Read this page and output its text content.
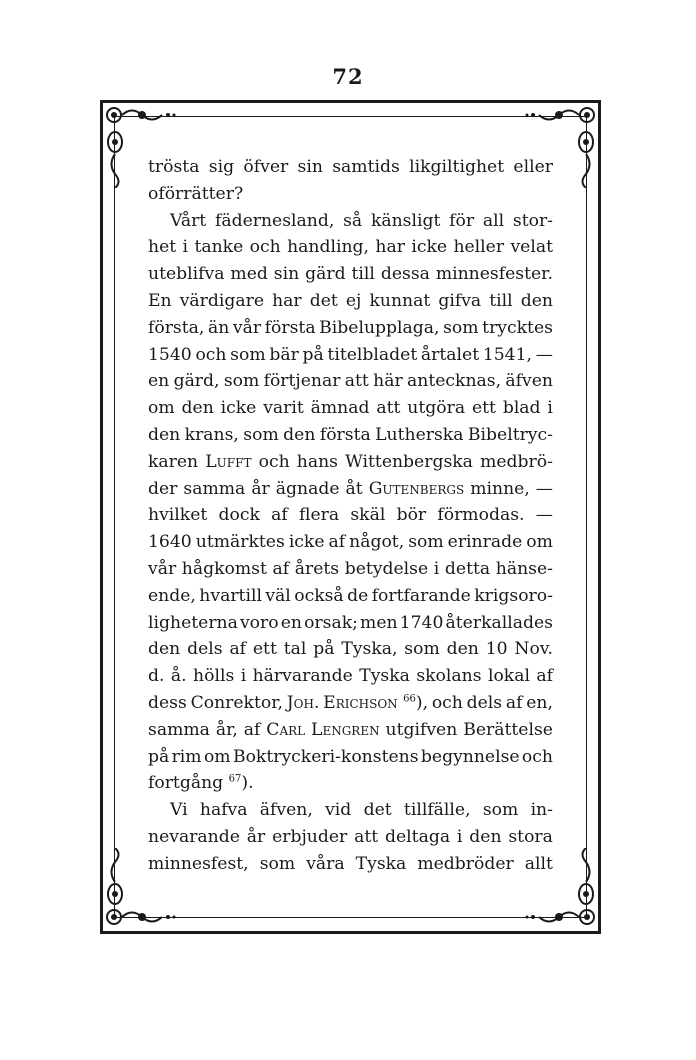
72
trösta sig öfver sin samtids likgiltighet eller
oförrätter?
Vårt fädernesland, så känsligt för all stor-
het i tanke och handling, har icke heller velat
uteblifva med sin gärd till dessa minnesfester.
En värdigare har det ej kunnat gifva till den
första, än vår första Bibelupplaga, som trycktes
1540 och som bär på titelbladet årtalet 1541, —
en gärd, som förtjenar att här antecknas, äfven
om den icke varit ämnad att utgöra ett blad i
den krans, som den första Lutherska Bibeltryc-
karen Lufft och hans Wittenbergska medbrö-
der samma år ägnade åt Gutenbergs minne, —
hvilket dock af flera skäl bör förmodas. —
1640 utmärktes icke af något, som erinrade om
vår hågkomst af årets betydelse i detta hänse-
ende, hvartill väl också de fortfarande krigsoro-
ligheterna voro en orsak; men 1740 återkallades
den dels af ett tal på Tyska, som den 10 Nov.
d. å. hölls i härvarande Tyska skolans lokal af
dess Conrektor, Joh. Erichson $^{66}$), och dels af en,
samma år, af Carl Lengren utgifven Berättelse
på rim om Boktryckeri-konstens begynnelse och
fortgång $^{67}$).
Vi hafva äfven, vid det tillfälle, som in-
nevarande år erbjuder att deltaga i den stora
minnesfest, som våra Tyska medbröder allt
